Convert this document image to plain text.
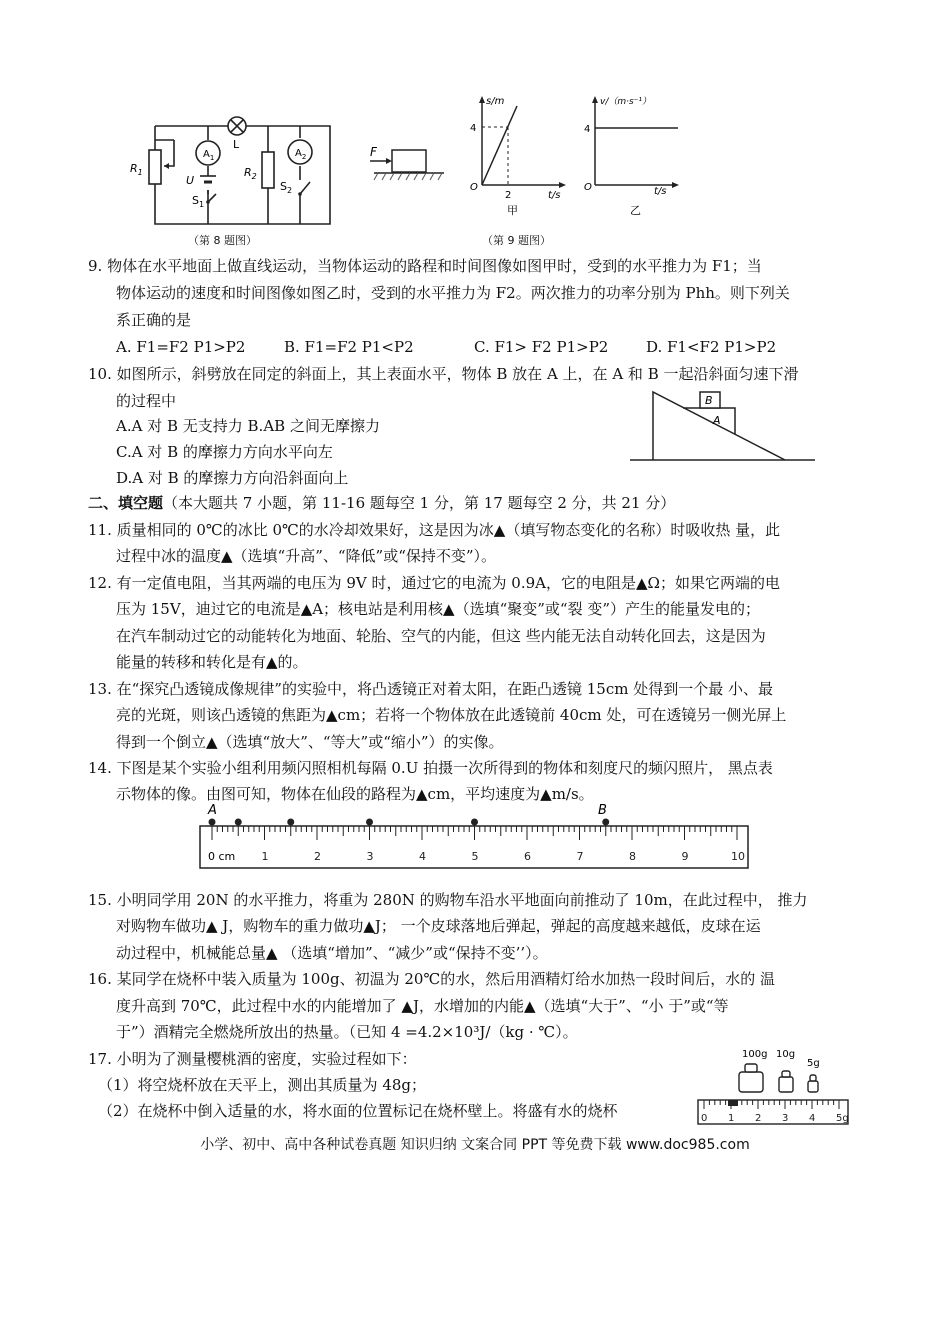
$R_1$	$R_2$
$A_1$	$A_2$
L
U
$S_1$
$S_2$
（第 8 题图）
F
s/m
4
2
O
t/s
甲
（第 9 题图）
v/（m·s⁻¹）
4
O	t/s
乙
9. 物体在水平地面上做直线运动，当物体运动的路程和时间图像如图甲时，受到的水平推力为 F1；当
物体运动的速度和时间图像如图乙时，受到的水平推力为 F2。两次推力的功率分别为 Phh。则下列关
系正确的是
A. F1=F2 P1>P2	B. F1=F2 P1<P2	C. F1> F2 P1>P2	D. F1<F2 P1>P2
10. 如图所示，斜劈放在同定的斜面上，其上表面水平，物体 B 放在 A 上，在 A 和 B 一起沿斜面匀速下滑
的过程中
A.A 对 B 无支持力 B.AB 之间无摩擦力
C.A 对 B 的摩擦力方向水平向左
D.A 对 B 的摩擦力方向沿斜面向上
B
A
二、填空题（本大题共 7 小题，第 11-16 题每空 1 分，第 17 题每空 2 分，共 21 分）
11. 质量相同的 0℃的冰比 0℃的水冷却效果好，这是因为冰▲（填写物态变化的名称）时吸收热 量，此
过程中冰的温度▲（选填“升高”、“降低”或“保持不变”）。
12. 有一定值电阻，当其两端的电压为 9V 时，通过它的电流为 0.9A，它的电阻是▲Ω；如果它两端的电
压为 15V，迪过它的电流是▲A；核电站是利用核▲（选填“聚变”或“裂 变”）产生的能量发电的；
在汽车制动过它的动能转化为地面、轮胎、空气的内能，但这 些内能无法自动转化回去，这是因为
能量的转移和转化是有▲的。
13. 在“探究凸透镜成像规律”的实验中，将凸透镜正对着太阳，在距凸透镜 15cm 处得到一个最 小、最
亮的光斑，则该凸透镜的焦距为▲cm；若将一个物体放在此透镜前 40cm 处，可在透镜另一侧光屏上
得到一个倒立▲（选填“放大”、“等大”或“缩小”）的实像。
14. 下图是某个实验小组利用频闪照相机每隔 0.U 拍摄一次所得到的物体和刻度尺的频闪照片， 黑点表
示物体的像。由图可知，物体在仙段的路程为▲cm，平均速度为▲m/s。
1	2	3	4	5	6	7	8	9	10
A	B
0 cm
15. 小明同学用 20N 的水平推力，将重为 280N 的购物车沿水平地面向前推动了 10m，在此过程中， 推力
对购物车做功▲ J，购物车的重力做功▲J； 一个皮球落地后弹起，弹起的高度越来越低，皮球在运
动过程中，机械能总量▲ （选填“增加”、“减少”或“保持不变’’）。
16. 某同学在烧杯中装入质量为 100g、初温为 20℃的水，然后用酒精灯给水加热一段时间后，水的 温
度升高到 70℃，此过程中水的内能增加了 ▲J，水增加的内能▲（选填“大于”、“小 于”或“等
于”）酒精完全燃烧所放出的热量。（已知 4 =4.2×10³J/（kg · ℃）。
17. 小明为了测量樱桃酒的密度，实验过程如下：
（1）将空烧杯放在天平上，测出其质量为 48g；
（2）在烧杯中倒入适量的水，将水面的位置标记在烧杯壁上。将盛有水的烧杯
100g 10g
5g
0 1 2 3 4 5g
小学、初中、高中各种试卷真题 知识归纳 文案合同 PPT 等免费下载 www.doc985.com
